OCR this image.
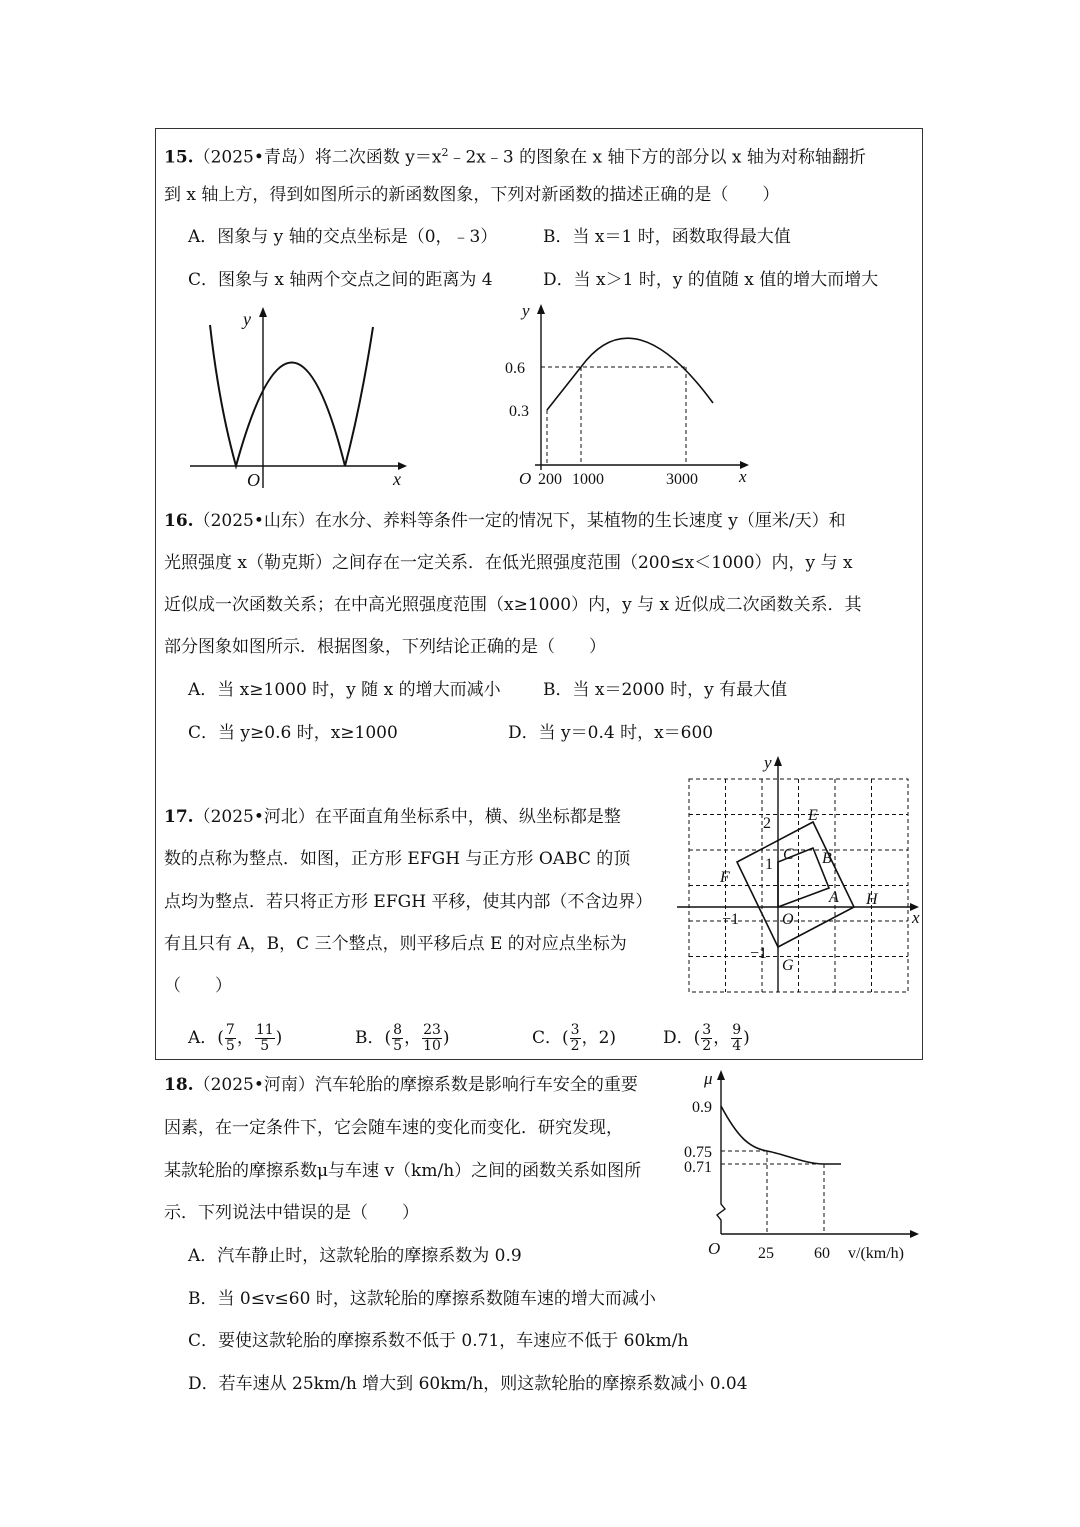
15.（2025•青岛）将二次函数 $y=x^2﹣2x﹣3$ 的图象在 x 轴下方的部分以 x 轴为对称轴翻折
到 x 轴上方，得到如图所示的新函数图象，下列对新函数的描述正确的是（　　）
A．图象与 y 轴的交点坐标是（0，﹣3）	B．当 x＝1 时，函数取得最大值
C．图象与 x 轴两个交点之间的距离为 4	D．当 x＞1 时，y 的值随 x 值的增大而增大
y
x
O
y
x
0.6
0.3
O 200 1000	3000
16.（2025•山东）在水分、养料等条件一定的情况下，某植物的生长速度 y（厘米/天）和
光照强度 x（勒克斯）之间存在一定关系．在低光照强度范围（200≤x＜1000）内，y 与 x
近似成一次函数关系；在中高光照强度范围（x≥1000）内，y 与 x 近似成二次函数关系．其
部分图象如图所示．根据图象，下列结论正确的是（　　）
A．当 x≥1000 时，y 随 x 的增大而减小 B．当 x＝2000 时，y 有最大值
C．当 y≥0.6 时，x≥1000	D．当 y＝0.4 时，x＝600
17.（2025•河北）在平面直角坐标系中，横、纵坐标都是整
数的点称为整点．如图，正方形 EFGH 与正方形 OABC 的顶
点均为整点．若只将正方形 EFGH 平移，使其内部（不含边界）
有且只有 A，B，C 三个整点，则平移后点 E 的对应点坐标为
（　　）
A．( $\frac{7}{5}$ ， $\frac{11}{5}$ )	B．( $\frac{8}{5}$ ， $\frac{23}{10}$ )	C．( $\frac{3}{2}$ ，2)	D．( $\frac{3}{2}$ ， $\frac{9}{4}$ )
y
x
O
2
1
−1
−1
E
F
G
H
A
B
C
18.（2025•河南）汽车轮胎的摩擦系数是影响行车安全的重要
因素，在一定条件下，它会随车速的变化而变化．研究发现，
某款轮胎的摩擦系数μ与车速 v（km/h）之间的函数关系如图所
示．下列说法中错误的是（　　）
A．汽车静止时，这款轮胎的摩擦系数为 0.9
B．当 0≤v≤60 时，这款轮胎的摩擦系数随车速的增大而减小
C．要使这款轮胎的摩擦系数不低于 0.71，车速应不低于 60km/h
D．若车速从 25km/h 增大到 60km/h，则这款轮胎的摩擦系数减小 0.04
μ
0.9
0.75
0.71
O 25	60 v/(km/h)
